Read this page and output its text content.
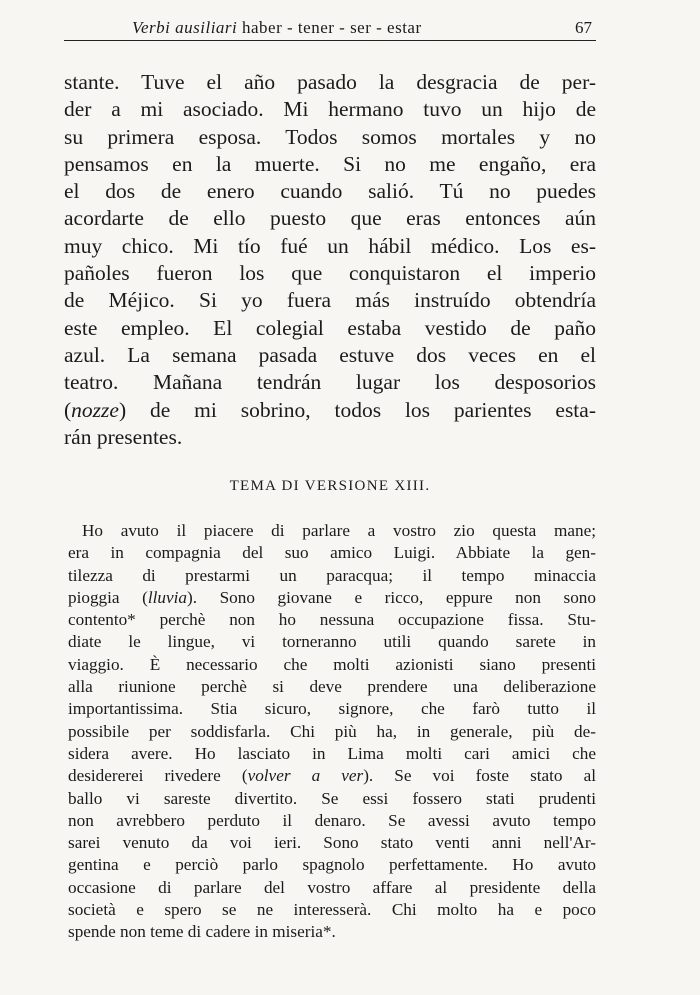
Verbi ausiliari haber - tener - ser - estar	67
stante. Tuve el año pasado la desgracia de per-
der a mi asociado. Mi hermano tuvo un hijo de
su primera esposa. Todos somos mortales y no
pensamos en la muerte. Si no me engaño, era
el dos de enero cuando salió. Tú no puedes
acordarte de ello puesto que eras entonces aún
muy chico. Mi tío fué un hábil médico. Los es-
pañoles fueron los que conquistaron el imperio
de Méjico. Si yo fuera más instruído obtendría
este empleo. El colegial estaba vestido de paño
azul. La semana pasada estuve dos veces en el
teatro. Mañana tendrán lugar los desposorios
(nozze) de mi sobrino, todos los parientes esta-
rán presentes.
TEMA DI VERSIONE XIII.
Ho avuto il piacere di parlare a vostro zio questa mane;
era in compagnia del suo amico Luigi. Abbiate la gen-
tilezza di prestarmi un paracqua; il tempo minaccia
pioggia (lluvia). Sono giovane e ricco, eppure non sono
contento* perchè non ho nessuna occupazione fissa. Stu-
diate le lingue, vi torneranno utili quando sarete in
viaggio. È necessario che molti azionisti siano presenti
alla riunione perchè si deve prendere una deliberazione
importantissima. Stia sicuro, signore, che farò tutto il
possibile per soddisfarla. Chi più ha, in generale, più de-
sidera avere. Ho lasciato in Lima molti cari amici che
desidererei rivedere (volver a ver). Se voi foste stato al
ballo vi sareste divertito. Se essi fossero stati prudenti
non avrebbero perduto il denaro. Se avessi avuto tempo
sarei venuto da voi ieri. Sono stato venti anni nell'Ar-
gentina e perciò parlo spagnolo perfettamente. Ho avuto
occasione di parlare del vostro affare al presidente della
società e spero se ne interesserà. Chi molto ha e poco
spende non teme di cadere in miseria*.
